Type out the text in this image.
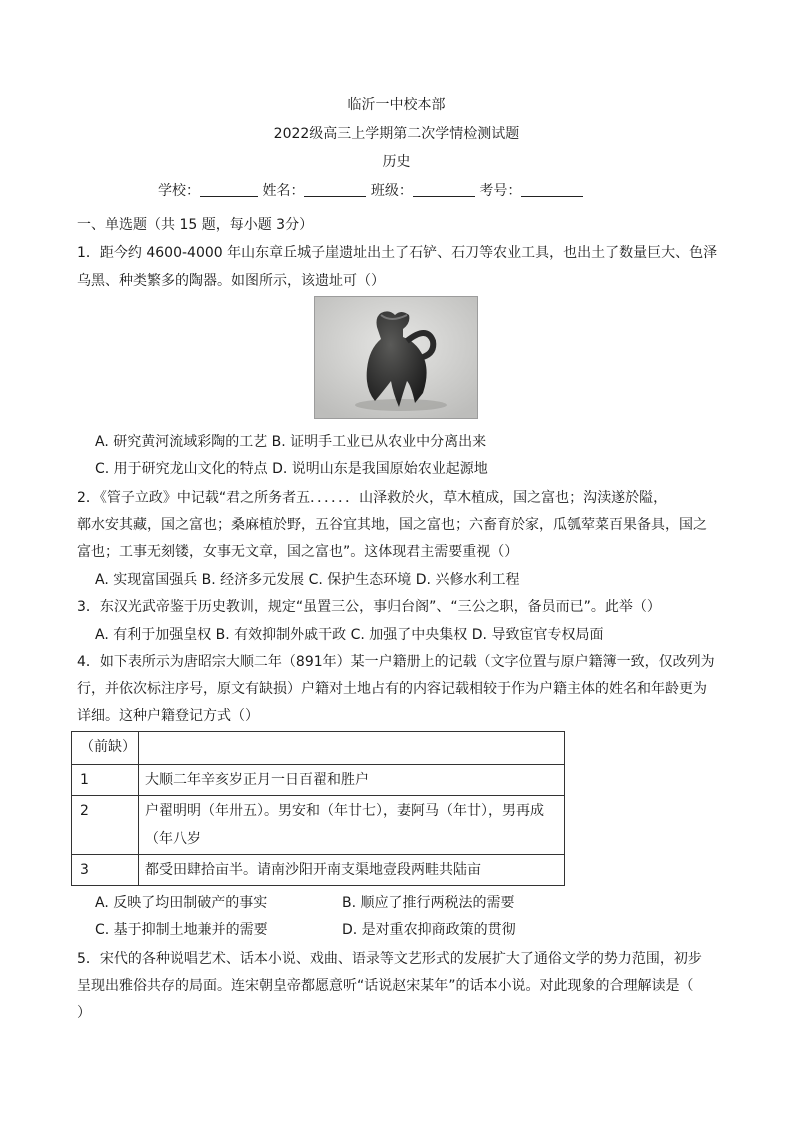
临沂一中校本部
2022级高三上学期第二次学情检测试题
历史
学校：	姓名：	班级：	考号：
一、单选题（共 15 题，每小题 3分）
1．距今约 4600-4000 年山东章丘城子崖遗址出土了石铲、石刀等农业工具，也出土了数量巨大、色泽
乌黑、种类繁多的陶器。如图所示，该遗址可（）
A. 研究黄河流域彩陶的工艺 B. 证明手工业已从农业中分离出来
C. 用于研究龙山文化的特点 D. 说明山东是我国原始农业起源地
2．《管子立政》中记载“君之所务者五．．．．．．山泽救於火，草木植成，国之富也；沟渎遂於隘，
鄣水安其藏，国之富也；桑麻植於野，五谷宜其地，国之富也；六畜育於家，瓜瓠荤菜百果备具，国之
富也；工事无刻镂，女事无文章，国之富也”。这体现君主需要重视（）
A. 实现富国强兵 B. 经济多元发展 C. 保护生态环境 D. 兴修水利工程
3．东汉光武帝鉴于历史教训，规定“虽置三公，事归台阁”、“三公之职，备员而已”。此举（）
A. 有利于加强皇权 B. 有效抑制外戚干政 C. 加强了中央集权 D. 导致宦官专权局面
4．如下表所示为唐昭宗大顺二年（891年）某一户籍册上的记载（文字位置与原户籍簿一致，仅改列为
行，并依次标注序号，原文有缺损）户籍对土地占有的内容记载相较于作为户籍主体的姓名和年龄更为
详细。这种户籍登记方式（）
（前缺）	
1	大顺二年辛亥岁正月一日百翟和胜户
2	户翟明明（年卅五）。男安和（年廿七），妻阿马（年廿），男再成
（年八岁

3	都受田肆拾亩半。请南沙阳开南支渠地壹段两畦共陆亩
A. 反映了均田制破产的事实	B. 顺应了推行两税法的需要
C. 基于抑制土地兼并的需要	D. 是对重农抑商政策的贯彻
5．宋代的各种说唱艺术、话本小说、戏曲、语录等文艺形式的发展扩大了通俗文学的势力范围，初步
呈现出雅俗共存的局面。连宋朝皇帝都愿意听“话说赵宋某年”的话本小说。对此现象的合理解读是（
）
